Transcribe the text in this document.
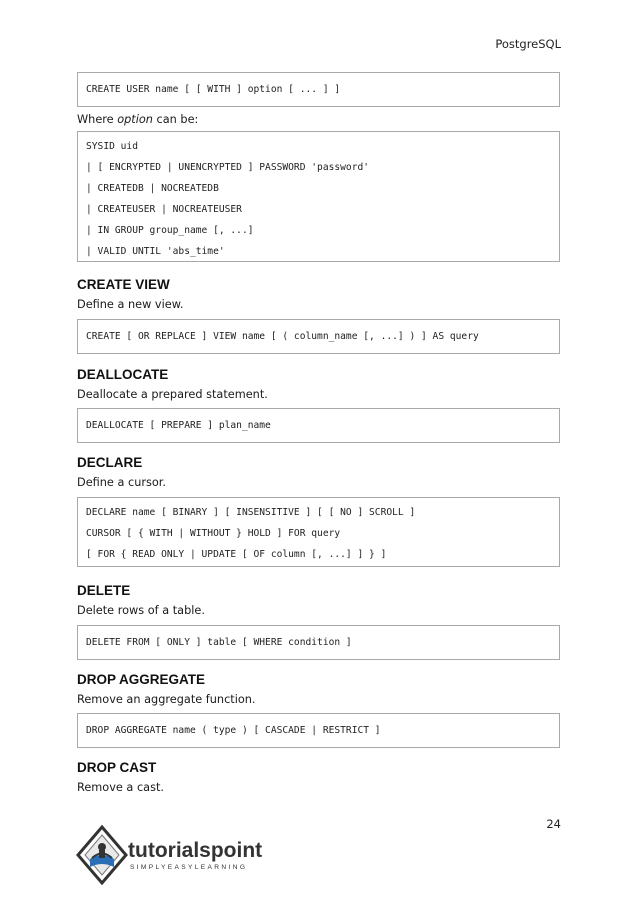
PostgreSQL
CREATE USER name [ [ WITH ] option [ ... ] ]
Where option can be:
SYSID uid
| [ ENCRYPTED | UNENCRYPTED ] PASSWORD 'password'
| CREATEDB | NOCREATEDB
| CREATEUSER | NOCREATEUSER
| IN GROUP group_name [, ...]
| VALID UNTIL 'abs_time'
CREATE VIEW
Define a new view.
CREATE [ OR REPLACE ] VIEW name [ ( column_name [, ...] ) ] AS query
DEALLOCATE
Deallocate a prepared statement.
DEALLOCATE [ PREPARE ] plan_name
DECLARE
Define a cursor.
DECLARE name [ BINARY ] [ INSENSITIVE ] [ [ NO ] SCROLL ]
CURSOR [ { WITH | WITHOUT } HOLD ] FOR query
[ FOR { READ ONLY | UPDATE [ OF column [, ...] ] } ]
DELETE
Delete rows of a table.
DELETE FROM [ ONLY ] table [ WHERE condition ]
DROP AGGREGATE
Remove an aggregate function.
DROP AGGREGATE name ( type ) [ CASCADE | RESTRICT ]
DROP CAST
Remove a cast.
24
tutorialspoint
SIMPLYEASYLEARNING
